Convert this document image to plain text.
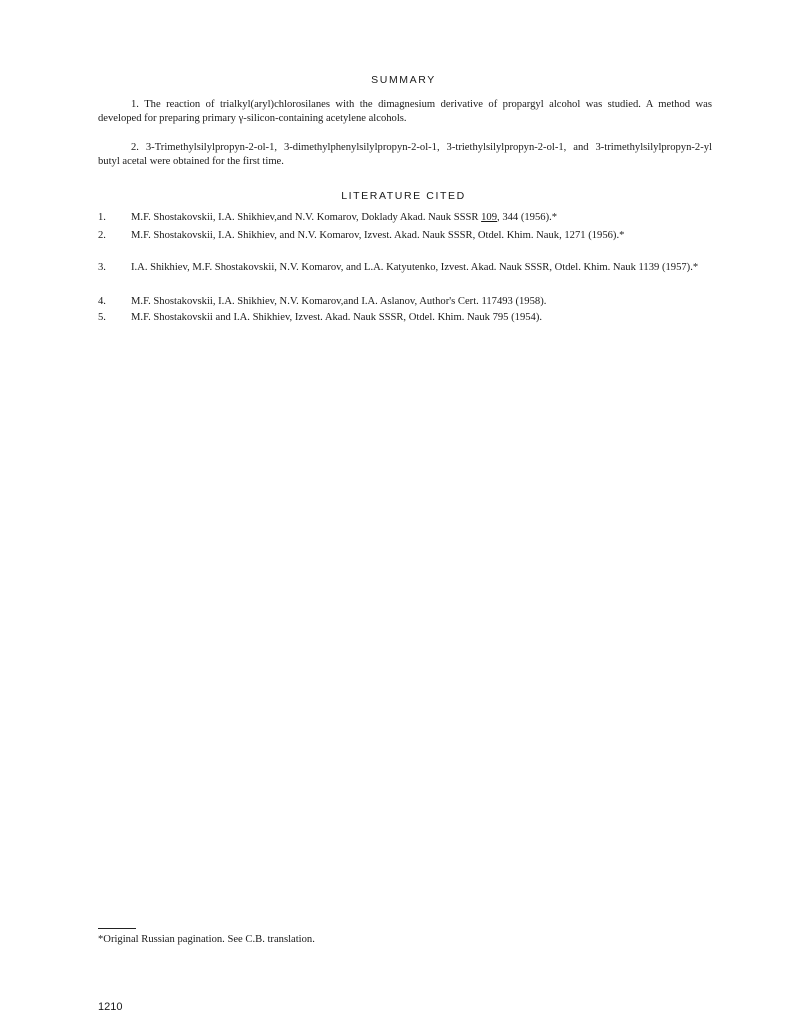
SUMMARY
1. The reaction of trialkyl(aryl)chlorosilanes with the dimagnesium derivative of propargyl alcohol was studied. A method was developed for preparing primary γ-silicon-containing acetylene alcohols.
2. 3-Trimethylsilylpropyn-2-ol-1, 3-dimethylphenylsilylpropyn-2-ol-1, 3-triethylsilylpropyn-2-ol-1, and 3-trimethylsilylpropyn-2-yl butyl acetal were obtained for the first time.
LITERATURE CITED
1.	M.F. Shostakovskii, I.A. Shikhiev,and N.V. Komarov, Doklady Akad. Nauk SSSR 109, 344 (1956).*
2.	M.F. Shostakovskii, I.A. Shikhiev, and N.V. Komarov, Izvest. Akad. Nauk SSSR, Otdel. Khim. Nauk, 1271 (1956).*
3.	I.A. Shikhiev, M.F. Shostakovskii, N.V. Komarov, and L.A. Katyutenko, Izvest. Akad. Nauk SSSR, Otdel. Khim. Nauk 1139 (1957).*
4.	M.F. Shostakovskii, I.A. Shikhiev, N.V. Komarov,and I.A. Aslanov, Author's Cert. 117493 (1958).
5.	M.F. Shostakovskii and I.A. Shikhiev, Izvest. Akad. Nauk SSSR, Otdel. Khim. Nauk 795 (1954).
*Original Russian pagination. See C.B. translation.
1210
